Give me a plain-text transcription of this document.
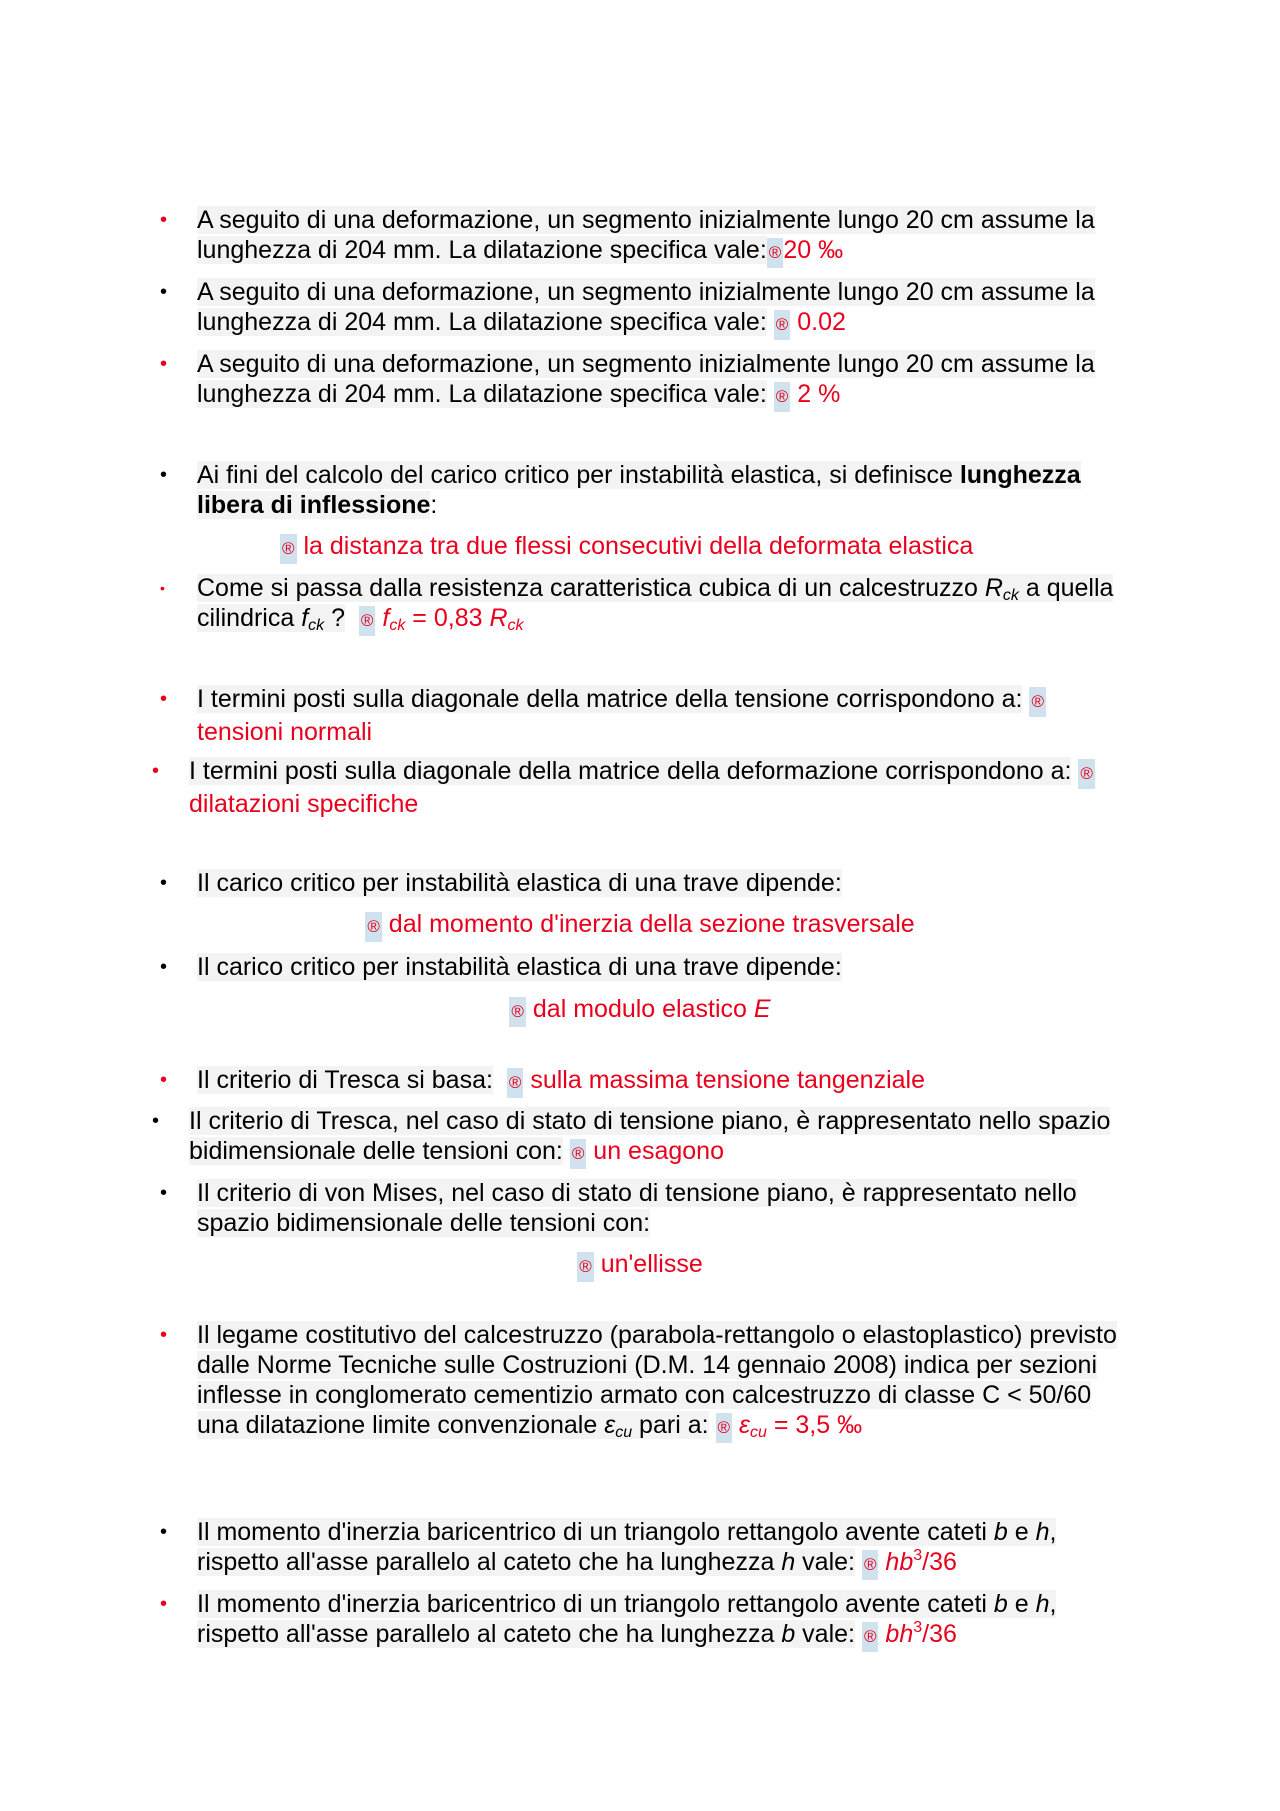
• A seguito di una deformazione, un segmento inizialmente lungo 20 cm assume la
lunghezza di 204 mm. La dilatazione specifica vale: ®20 ‰
• A seguito di una deformazione, un segmento inizialmente lungo 20 cm assume la
lunghezza di 204 mm. La dilatazione specifica vale: ® 0.02
• A seguito di una deformazione, un segmento inizialmente lungo 20 cm assume la
lunghezza di 204 mm. La dilatazione specifica vale: ® 2 %
• Ai fini del calcolo del carico critico per instabilità elastica, si definisce lunghezza
libera di inflessione:
® la distanza tra due flessi consecutivi della deformata elastica
• Come si passa dalla resistenza caratteristica cubica di un calcestruzzo $R_{ck}$ a quella
cilindrica $f_{ck}$ ? ® $f_{ck} = 0,83$ $R_{ck}$
• I termini posti sulla diagonale della matrice della tensione corrispondono a: ®
tensioni normali
• I termini posti sulla diagonale della matrice della deformazione corrispondono a: ®
dilatazioni specifiche
• Il carico critico per instabilità elastica di una trave dipende:
® dal momento d'inerzia della sezione trasversale
• Il carico critico per instabilità elastica di una trave dipende:
® dal modulo elastico E
• Il criterio di Tresca si basa: ® sulla massima tensione tangenziale
• Il criterio di Tresca, nel caso di stato di tensione piano, è rappresentato nello spazio
bidimensionale delle tensioni con: ® un esagono
• Il criterio di von Mises, nel caso di stato di tensione piano, è rappresentato nello
spazio bidimensionale delle tensioni con:
® un'ellisse
• Il legame costitutivo del calcestruzzo (parabola-rettangolo o elastoplastico) previsto
dalle Norme Tecniche sulle Costruzioni (D.M. 14 gennaio 2008) indica per sezioni
inflesse in conglomerato cementizio armato con calcestruzzo di classe C < 50/60
una dilatazione limite convenzionale $\varepsilon_{cu}$ pari a: ® $\varepsilon_{cu} = 3,5$ ‰
• Il momento d'inerzia baricentrico di un triangolo rettangolo avente cateti b e h,
rispetto all'asse parallelo al cateto che ha lunghezza h vale: ® $hb^3/36$
• Il momento d'inerzia baricentrico di un triangolo rettangolo avente cateti b e h,
rispetto all'asse parallelo al cateto che ha lunghezza b vale: ® $bh^3/36$
